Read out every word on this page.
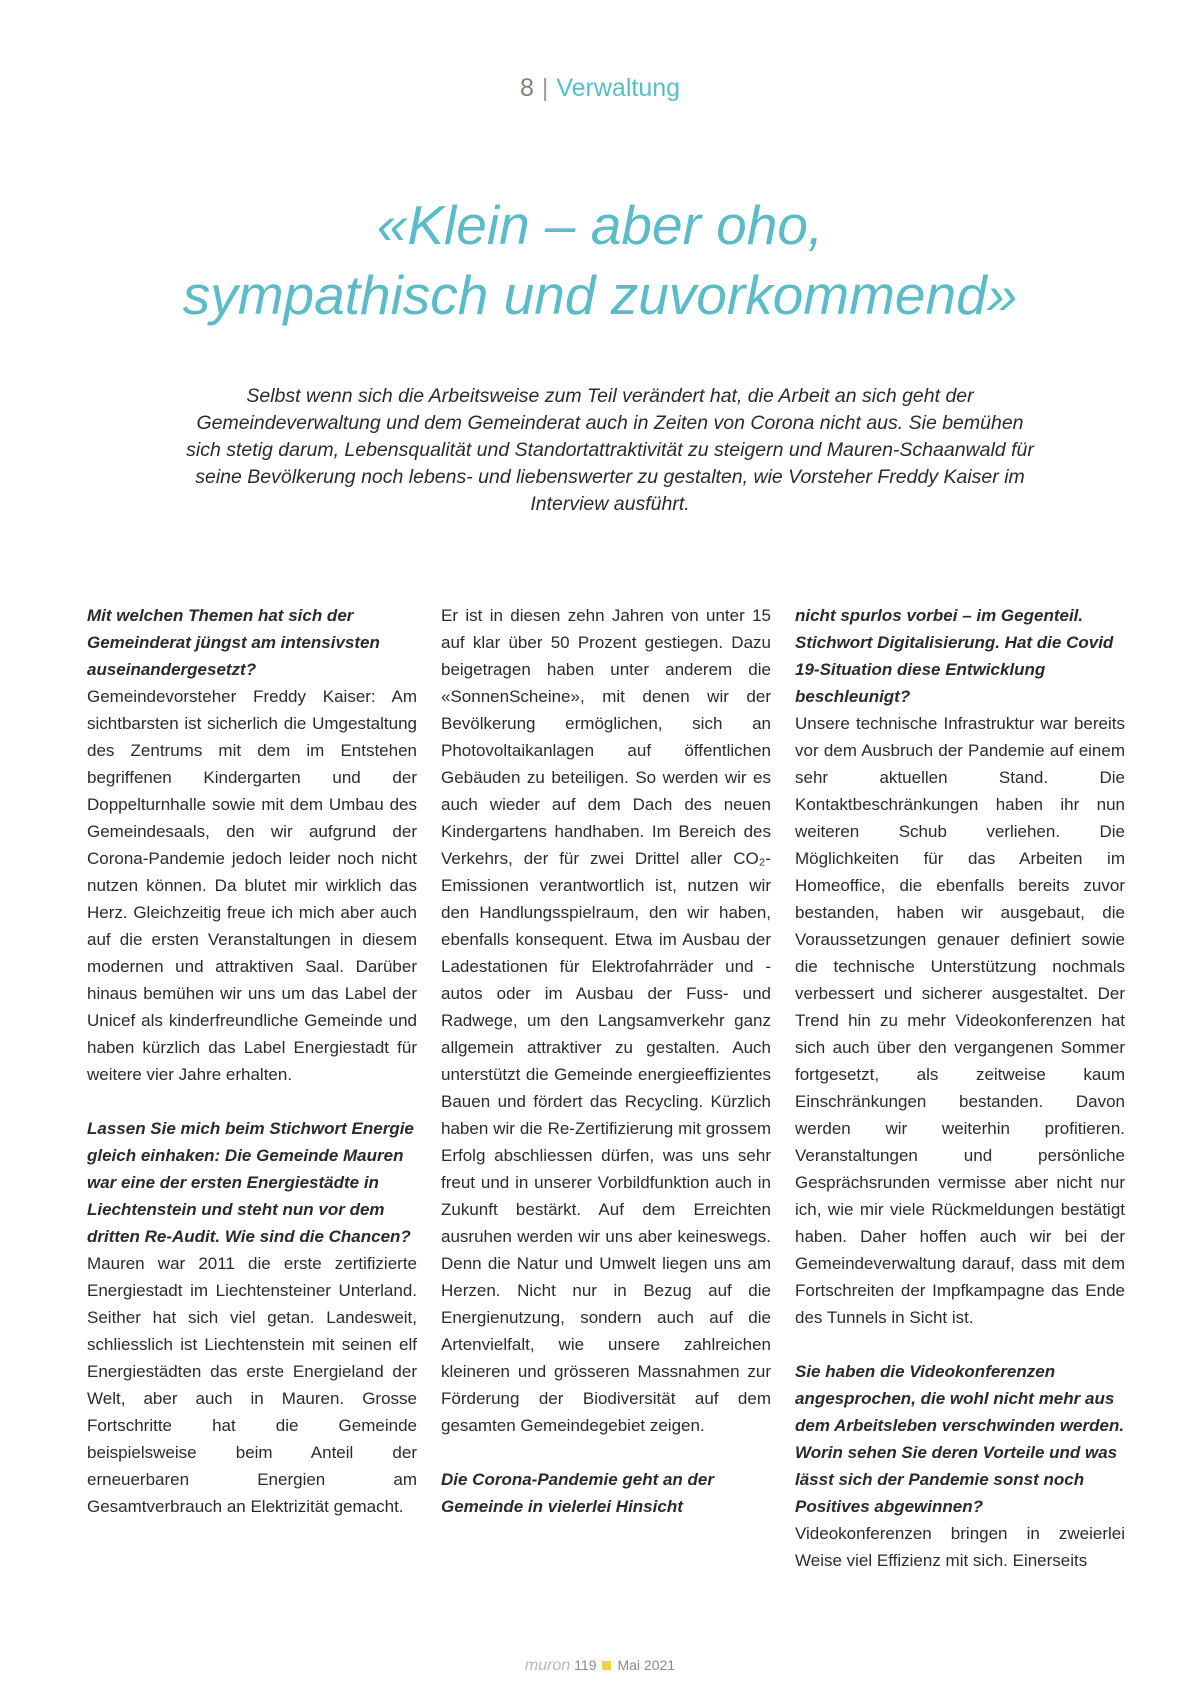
8 | Verwaltung
«Klein – aber oho,
sympathisch und zuvorkommend»
Selbst wenn sich die Arbeitsweise zum Teil verändert hat, die Arbeit an sich geht der Gemeindeverwaltung und dem Gemeinderat auch in Zeiten von Corona nicht aus. Sie bemühen sich stetig darum, Lebensqualität und Standortattraktivität zu steigern und Mauren-Schaanwald für seine Bevölkerung noch lebens- und liebenswerter zu gestalten, wie Vorsteher Freddy Kaiser im Interview ausführt.

Mit welchen Themen hat sich der Gemeinderat jüngst am intensivsten auseinandergesetzt?

Gemeindevorsteher Freddy Kaiser: Am sichtbarsten ist sicherlich die Umgestaltung des Zentrums mit dem im Entstehen begriffenen Kindergarten und der Doppelturnhalle sowie mit dem Umbau des Gemeindesaals, den wir aufgrund der Corona-Pandemie jedoch leider noch nicht nutzen können. Da blutet mir wirklich das Herz. Gleichzeitig freue ich mich aber auch auf die ersten Veranstaltungen in diesem modernen und attraktiven Saal. Darüber hinaus bemühen wir uns um das Label der Unicef als kinderfreundliche Gemeinde und haben kürzlich das Label Energiestadt für weitere vier Jahre erhalten.

Lassen Sie mich beim Stichwort Energie gleich einhaken: Die Gemeinde Mauren war eine der ersten Energiestädte in Liechtenstein und steht nun vor dem dritten Re-Audit. Wie sind die Chancen?

Mauren war 2011 die erste zertifizierte Energiestadt im Liechtensteiner Unterland. Seither hat sich viel getan. Landesweit, schliesslich ist Liechtenstein mit seinen elf Energiestädten das erste Energieland der Welt, aber auch in Mauren. Grosse Fortschritte hat die Gemeinde beispielsweise beim Anteil der erneuerbaren Energien am Gesamtverbrauch an Elektrizität gemacht.

Er ist in diesen zehn Jahren von unter 15 auf klar über 50 Prozent gestiegen. Dazu beigetragen haben unter anderem die «SonnenScheine», mit denen wir der Bevölkerung ermöglichen, sich an Photovoltaikanlagen auf öffentlichen Gebäuden zu beteiligen. So werden wir es auch wieder auf dem Dach des neuen Kindergartens handhaben. Im Bereich des Verkehrs, der für zwei Drittel aller CO₂-Emissionen verantwortlich ist, nutzen wir den Handlungsspielraum, den wir haben, ebenfalls konsequent. Etwa im Ausbau der Ladestationen für Elektrofahrräder und -autos oder im Ausbau der Fuss- und Radwege, um den Langsamverkehr ganz allgemein attraktiver zu gestalten. Auch unterstützt die Gemeinde energieeffizientes Bauen und fördert das Recycling. Kürzlich haben wir die Re-Zertifizierung mit grossem Erfolg abschliessen dürfen, was uns sehr freut und in unserer Vorbildfunktion auch in Zukunft bestärkt. Auf dem Erreichten ausruhen werden wir uns aber keineswegs. Denn die Natur und Umwelt liegen uns am Herzen. Nicht nur in Bezug auf die Energienutzung, sondern auch auf die Artenvielfalt, wie unsere zahlreichen kleineren und grösseren Massnahmen zur Förderung der Biodiversität auf dem gesamten Gemeindegebiet zeigen.

Die Corona-Pandemie geht an der Gemeinde in vielerlei Hinsicht

nicht spurlos vorbei – im Gegenteil. Stichwort Digitalisierung. Hat die Covid 19-Situation diese Entwicklung beschleunigt?

Unsere technische Infrastruktur war bereits vor dem Ausbruch der Pandemie auf einem sehr aktuellen Stand. Die Kontaktbeschränkungen haben ihr nun weiteren Schub verliehen. Die Möglichkeiten für das Arbeiten im Homeoffice, die ebenfalls bereits zuvor bestanden, haben wir ausgebaut, die Voraussetzungen genauer definiert sowie die technische Unterstützung nochmals verbessert und sicherer ausgestaltet. Der Trend hin zu mehr Videokonferenzen hat sich auch über den vergangenen Sommer fortgesetzt, als zeitweise kaum Einschränkungen bestanden. Davon werden wir weiterhin profitieren. Veranstaltungen und persönliche Gesprächsrunden vermisse aber nicht nur ich, wie mir viele Rückmeldungen bestätigt haben. Daher hoffen auch wir bei der Gemeindeverwaltung darauf, dass mit dem Fortschreiten der Impfkampagne das Ende des Tunnels in Sicht ist.

Sie haben die Videokonferenzen angesprochen, die wohl nicht mehr aus dem Arbeitsleben verschwinden werden. Worin sehen Sie deren Vorteile und was lässt sich der Pandemie sonst noch Positives abgewinnen?

Videokonferenzen bringen in zweierlei Weise viel Effizienz mit sich. Einerseits

muron 119 Mai 2021
